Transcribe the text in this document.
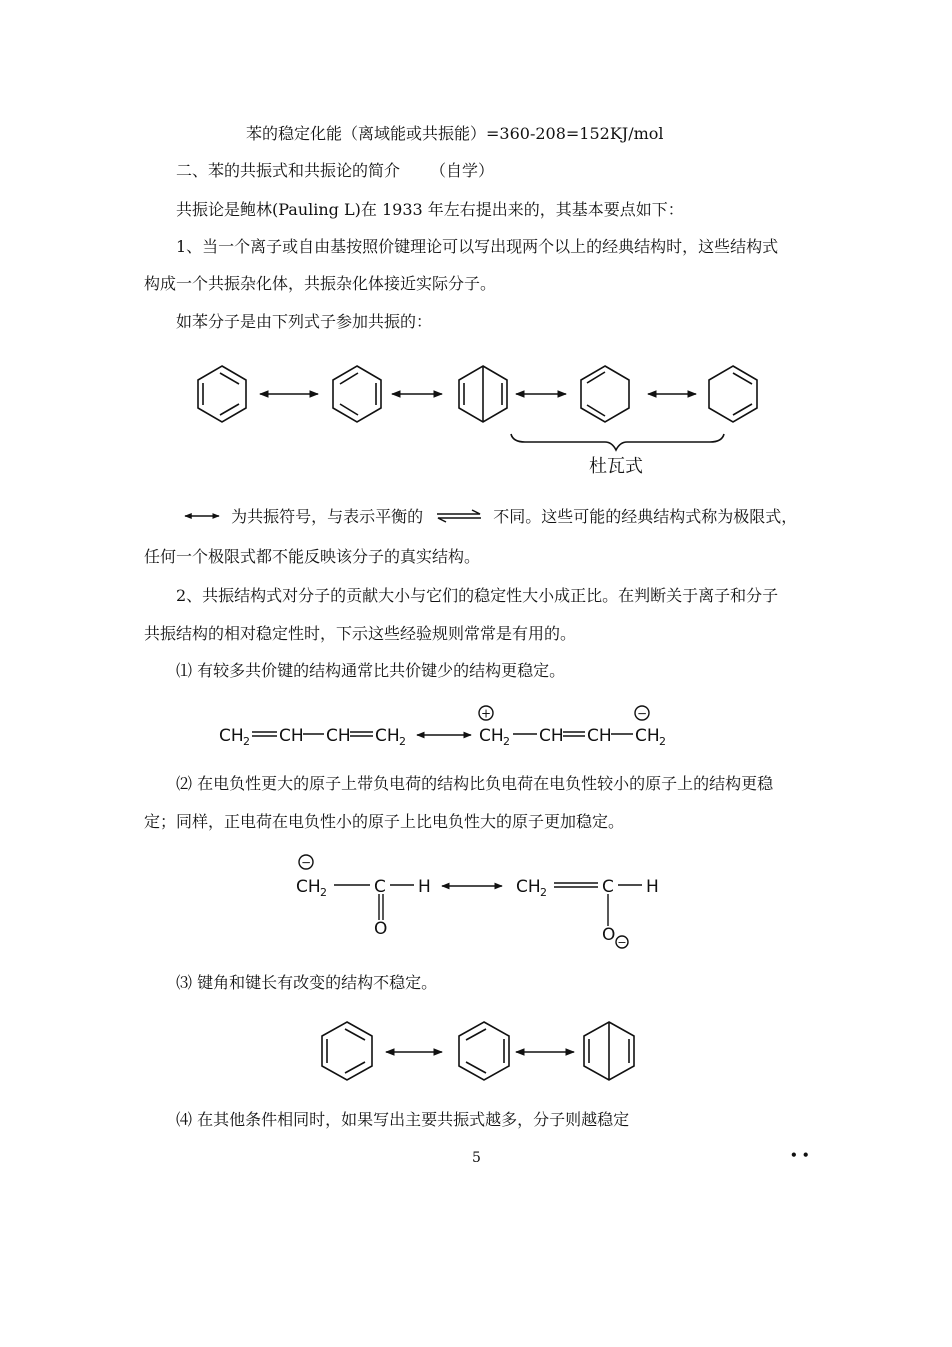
苯的稳定化能（离域能或共振能）=360-208=152KJ/mol
二、苯的共振式和共振论的简介 （自学）
共振论是鲍林(Pauling L)在 1933 年左右提出来的，其基本要点如下：
1、当一个离子或自由基按照价键理论可以写出现两个以上的经典结构时，这些结构式
构成一个共振杂化体，共振杂化体接近实际分子。
如苯分子是由下列式子参加共振的：
杜瓦式
为共振符号，与表示平衡的	不同。这些可能的经典结构式称为极限式，
任何一个极限式都不能反映该分子的真实结构。
2、共振结构式对分子的贡献大小与它们的稳定性大小成正比。在判断关于离子和分子
共振结构的相对稳定性时，下示这些经验规则常常是有用的。
⑴ 有较多共价键的结构通常比共价键少的结构更稳定。
CH 2 CH CH CH 2	CH 2 CH CH CH 2
+	−
⑵ 在电负性更大的原子上带负电荷的结构比负电荷在电负性较小的原子上的结构更稳
定；同样，正电荷在电负性小的原子上比电负性大的原子更加稳定。
CH 2	C H
O
CH 2	C H
O
−
−
⑶ 键角和键长有改变的结构不稳定。
⑷ 在其他条件相同时，如果写出主要共振式越多，分子则越稳定
5	• •
